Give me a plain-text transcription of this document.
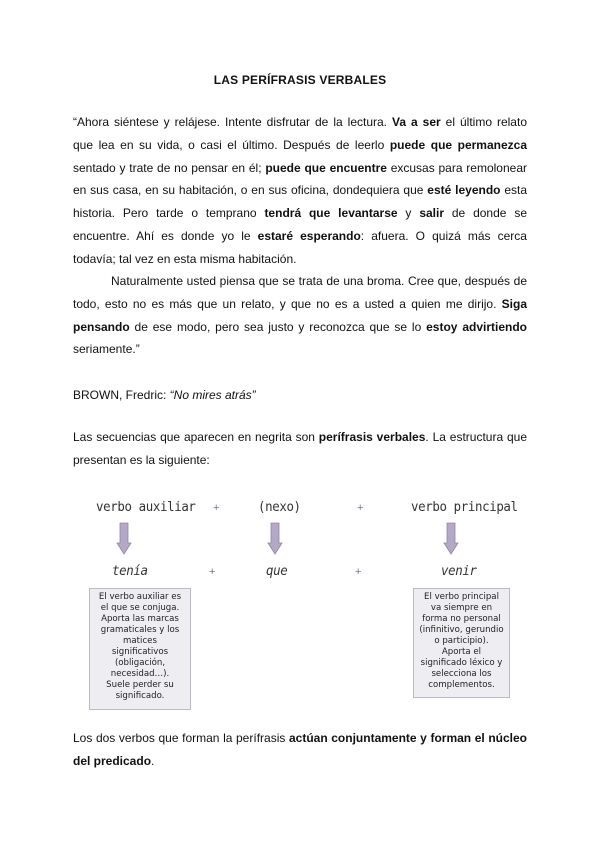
LAS PERÍFRASIS VERBALES

“Ahora siéntese y relájese. Intente disfrutar de la lectura. Va a ser el último relato que lea en su vida, o casi el último. Después de leerlo puede que permanezca sentado y trate de no pensar en él; puede que encuentre excusas para remolonear en sus casa, en su habitación, o en sus oficina, dondequiera que esté leyendo esta historia. Pero tarde o temprano tendrá que levantarse y salir de donde se encuentre. Ahí es donde yo le estaré esperando: afuera. O quizá más cerca todavía; tal vez en esta misma habitación.

Naturalmente usted piensa que se trata de una broma. Cree que, después de todo, esto no es más que un relato, y que no es a usted a quien me dirijo. Siga pensando de ese modo, pero sea justo y reconozca que se lo estoy advirtiendo seriamente.”

BROWN, Fredric: “No mires atrás”

Las secuencias que aparecen en negrita son perífrasis verbales. La estructura que presentan es la siguiente:

verbo auxiliar +	(nexo)	+	verbo principal
tenía	+	que	+	venir
El verbo auxiliar es
el que se conjuga.
Aporta las marcas
gramaticales y los
matices
significativos
(obligación,
necesidad…).
Suele perder su
significado.
El verbo principal
va siempre en
forma no personal
(infinitivo, gerundio
o participio).
Aporta el
significado léxico y
selecciona los
complementos.

Los dos verbos que forman la perífrasis actúan conjuntamente y forman el núcleo del predicado.
